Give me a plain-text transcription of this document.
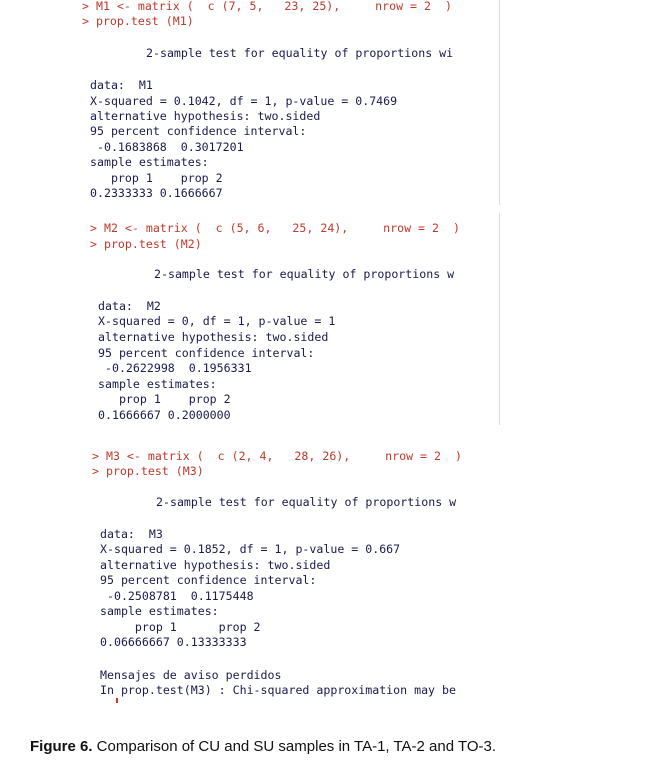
> M1 <- matrix (  c (7, 5,   23, 25),     nrow = 2  )
> prop.test (M1)
2-sample test for equality of proportions wi
data:  M1
X-squared = 0.1042, df = 1, p-value = 0.7469
alternative hypothesis: two.sided
95 percent confidence interval:
-0.1683868  0.3017201
sample estimates:
prop 1    prop 2
0.2333333 0.1666667
> M2 <- matrix (  c (5, 6,   25, 24),     nrow = 2  )
> prop.test (M2)
2-sample test for equality of proportions w
data:  M2
X-squared = 0, df = 1, p-value = 1
alternative hypothesis: two.sided
95 percent confidence interval:
-0.2622998  0.1956331
sample estimates:
prop 1    prop 2
0.1666667 0.2000000
> M3 <- matrix (  c (2, 4,   28, 26),     nrow = 2  )
> prop.test (M3)
2-sample test for equality of proportions w
data:  M3
X-squared = 0.1852, df = 1, p-value = 0.667
alternative hypothesis: two.sided
95 percent confidence interval:
-0.2508781  0.1175448
sample estimates:
prop 1      prop 2
0.06666667 0.13333333
Mensajes de aviso perdidos
In prop.test(M3) : Chi-squared approximation may be
Figure 6. Comparison of CU and SU samples in TA-1, TA-2 and TO-3.
